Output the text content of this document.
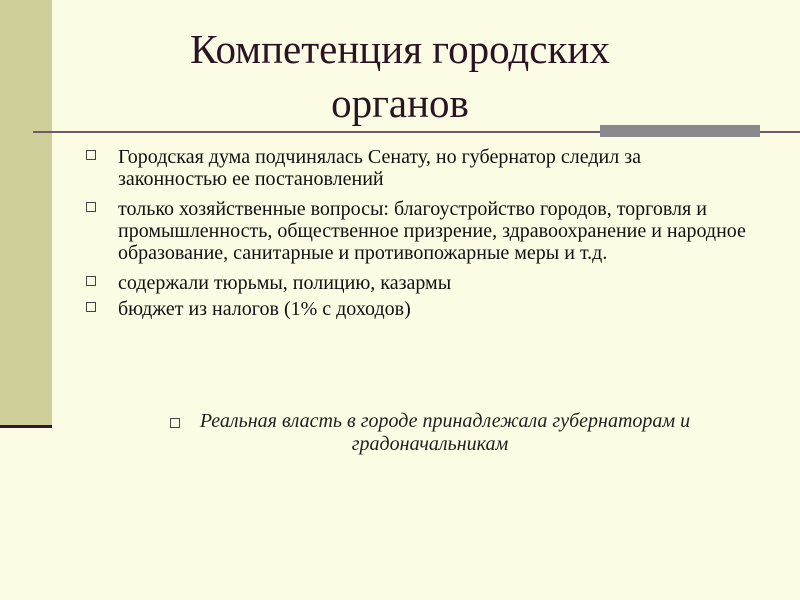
Компетенция городских
органов
Городская дума подчинялась Сенату, но губернатор следил за законностью ее постановлений
только хозяйственные вопросы: благоустройство городов, торговля и промышленность, общественное призрение, здравоохранение и народное образование, санитарные и противопожарные меры и т.д.
содержали тюрьмы, полицию, казармы
бюджет из налогов (1% с доходов)
Реальная власть в городе принадлежала губернаторам и градоначальникам
